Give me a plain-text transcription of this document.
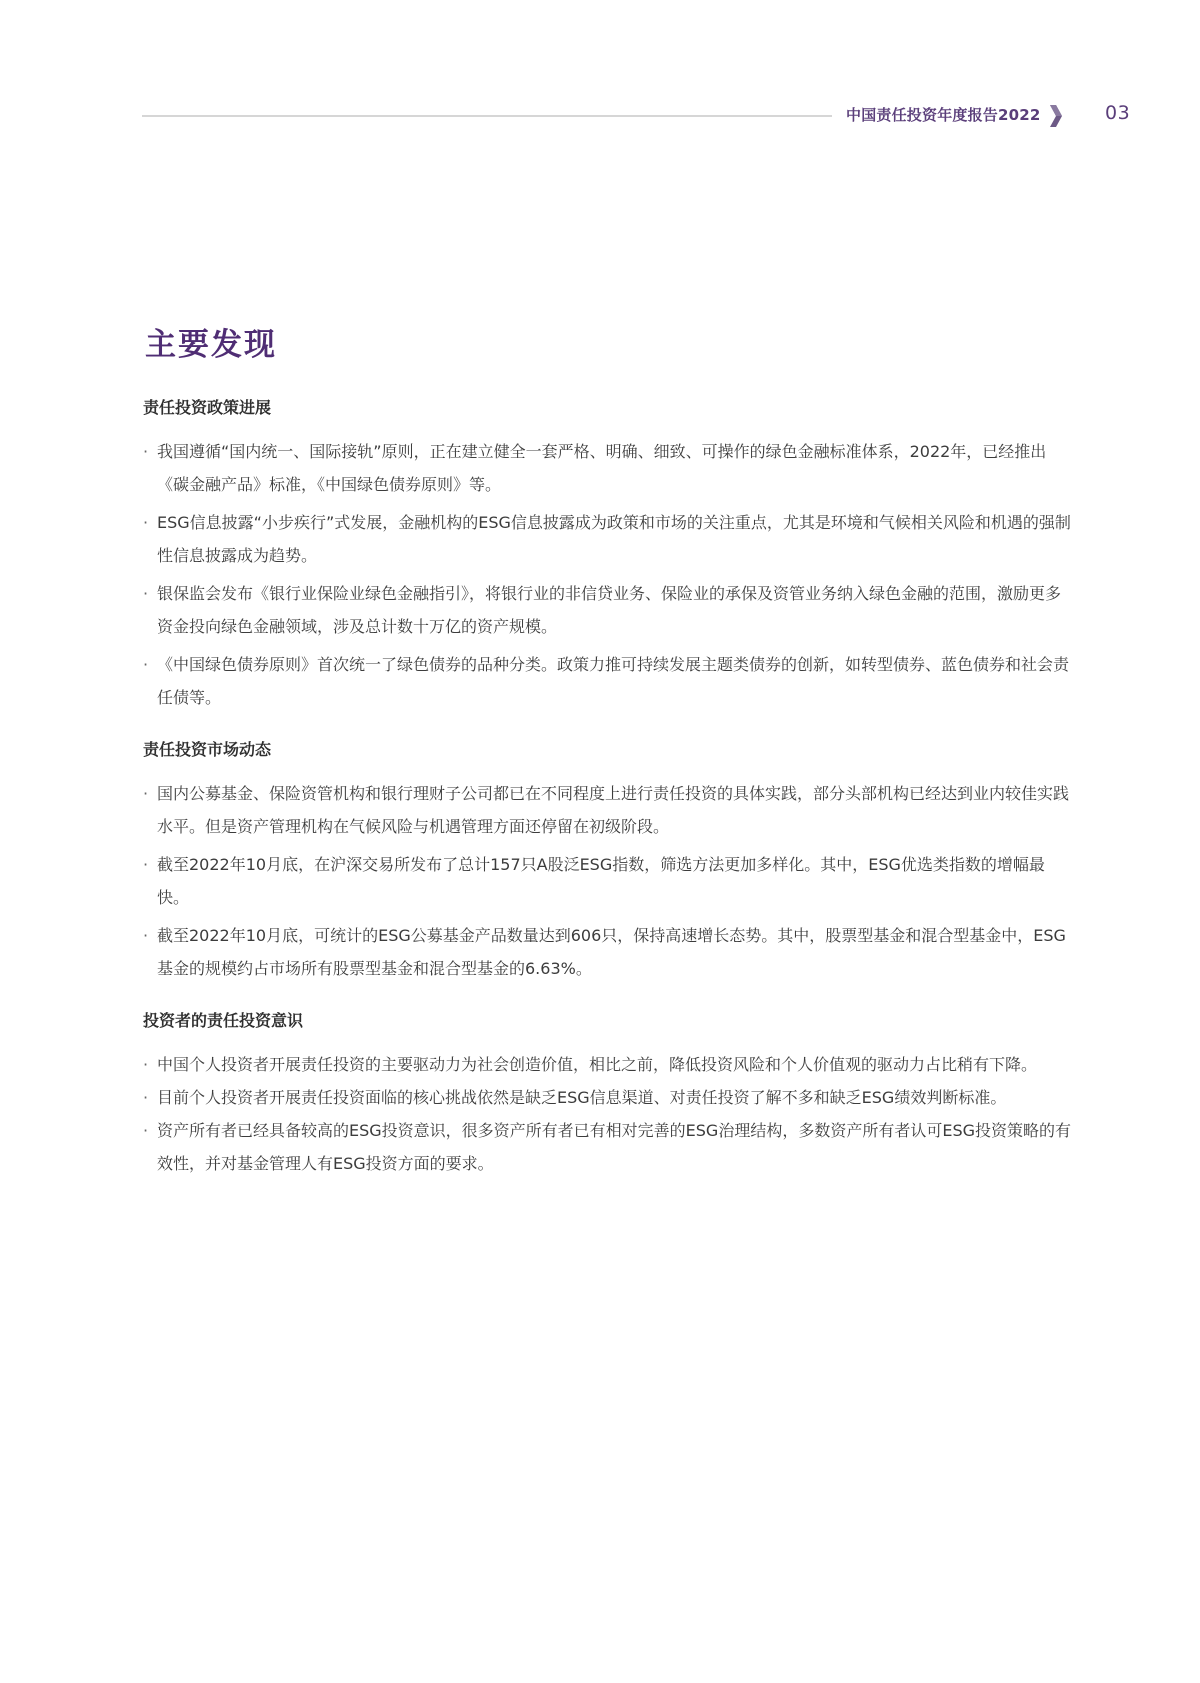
中国责任投资年度报告2022	03
主要发现
责任投资政策进展
· 我国遵循“国内统一、国际接轨”原则，正在建立健全一套严格、明确、细致、可操作的绿色金融标准体系，2022年，已经推出《碳金融产品》标准，《中国绿色债券原则》等。
· ESG信息披露“小步疾行”式发展，金融机构的ESG信息披露成为政策和市场的关注重点，尤其是环境和气候相关风险和机遇的强制性信息披露成为趋势。
· 银保监会发布《银行业保险业绿色金融指引》，将银行业的非信贷业务、保险业的承保及资管业务纳入绿色金融的范围，激励更多资金投向绿色金融领域，涉及总计数十万亿的资产规模。
· 《中国绿色债券原则》首次统一了绿色债券的品种分类。政策力推可持续发展主题类债券的创新，如转型债券、蓝色债券和社会责任债等。
责任投资市场动态
· 国内公募基金、保险资管机构和银行理财子公司都已在不同程度上进行责任投资的具体实践，部分头部机构已经达到业内较佳实践水平。但是资产管理机构在气候风险与机遇管理方面还停留在初级阶段。
· 截至2022年10月底，在沪深交易所发布了总计157只A股泛ESG指数，筛选方法更加多样化。其中，ESG优选类指数的增幅最快。
· 截至2022年10月底，可统计的ESG公募基金产品数量达到606只，保持高速增长态势。其中，股票型基金和混合型基金中，ESG基金的规模约占市场所有股票型基金和混合型基金的6.63%。
投资者的责任投资意识
· 中国个人投资者开展责任投资的主要驱动力为社会创造价值，相比之前，降低投资风险和个人价值观的驱动力占比稍有下降。
· 目前个人投资者开展责任投资面临的核心挑战依然是缺乏ESG信息渠道、对责任投资了解不多和缺乏ESG绩效判断标准。
· 资产所有者已经具备较高的ESG投资意识，很多资产所有者已有相对完善的ESG治理结构，多数资产所有者认可ESG投资策略的有效性，并对基金管理人有ESG投资方面的要求。
